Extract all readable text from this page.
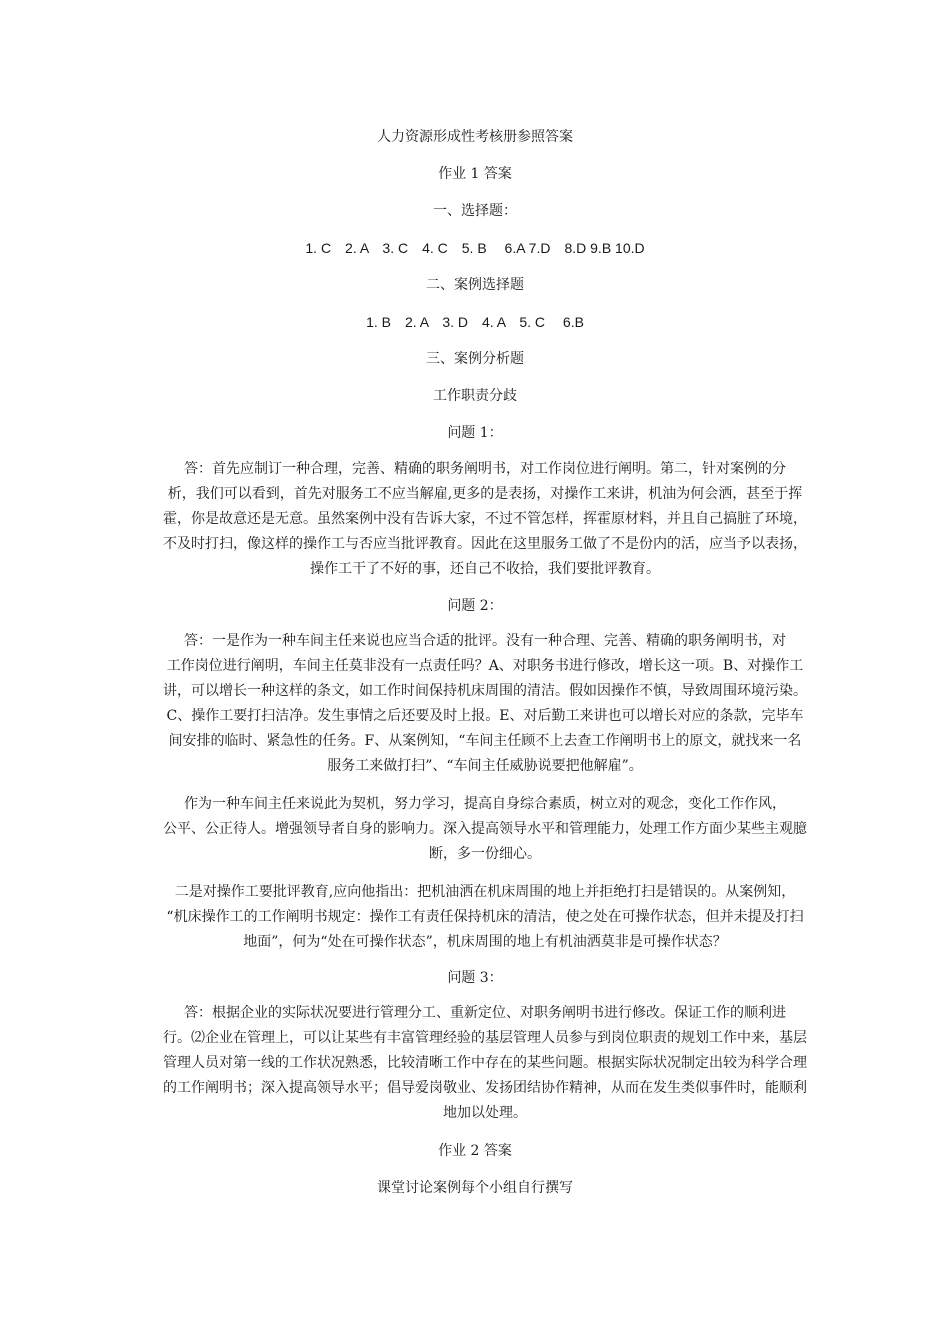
人力资源形成性考核册参照答案
作业 1 答案
一、选择题：
1. C　2. A　3. C　4. C　5. B　 6.A 7.D　8.D 9.B 10.D
二、案例选择题
1. B　2. A　3. D　4. A　5. C　 6.B
三、案例分析题
工作职责分歧
问题 1：
答：首先应制订一种合理，完善、精确的职务阐明书，对工作岗位进行阐明。第二，针对案例的分
析，我们可以看到，首先对服务工不应当解雇,更多的是表扬，对操作工来讲，机油为何会洒，甚至于挥
霍，你是故意还是无意。虽然案例中没有告诉大家，不过不管怎样，挥霍原材料，并且自己搞脏了环境，
不及时打扫，像这样的操作工与否应当批评教育。因此在这里服务工做了不是份内的活，应当予以表扬，
操作工干了不好的事，还自己不收拾，我们要批评教育。
问题 2：
答：一是作为一种车间主任来说也应当合适的批评。没有一种合理、完善、精确的职务阐明书，对
工作岗位进行阐明，车间主任莫非没有一点责任吗？A、对职务书进行修改，增长这一项。B、对操作工
讲，可以增长一种这样的条文，如工作时间保持机床周围的清洁。假如因操作不慎，导致周围环境污染。
C、操作工要打扫洁净。发生事情之后还要及时上报。E、对后勤工来讲也可以增长对应的条款，完毕车
间安排的临时、紧急性的任务。F、从案例知，“车间主任顾不上去查工作阐明书上的原文，就找来一名
服务工来做打扫”、“车间主任威胁说要把他解雇”。
作为一种车间主任来说此为契机，努力学习，提高自身综合素质，树立对的观念，变化工作作风，
公平、公正待人。增强领导者自身的影响力。深入提高领导水平和管理能力，处理工作方面少某些主观臆
断，多一份细心。
二是对操作工要批评教育,应向他指出：把机油洒在机床周围的地上并拒绝打扫是错误的。从案例知，
“机床操作工的工作阐明书规定：操作工有责任保持机床的清洁，使之处在可操作状态，但并未提及打扫
地面”，何为“处在可操作状态”，机床周围的地上有机油洒莫非是可操作状态？
问题 3：
答：根据企业的实际状况要进行管理分工、重新定位、对职务阐明书进行修改。保证工作的顺利进
行。⑵企业在管理上，可以让某些有丰富管理经验的基层管理人员参与到岗位职责的规划工作中来，基层
管理人员对第一线的工作状况熟悉，比较清晰工作中存在的某些问题。根据实际状况制定出较为科学合理
的工作阐明书；深入提高领导水平；倡导爱岗敬业、发扬团结协作精神，从而在发生类似事件时，能顺利
地加以处理。
作业 2 答案
课堂讨论案例每个小组自行撰写
